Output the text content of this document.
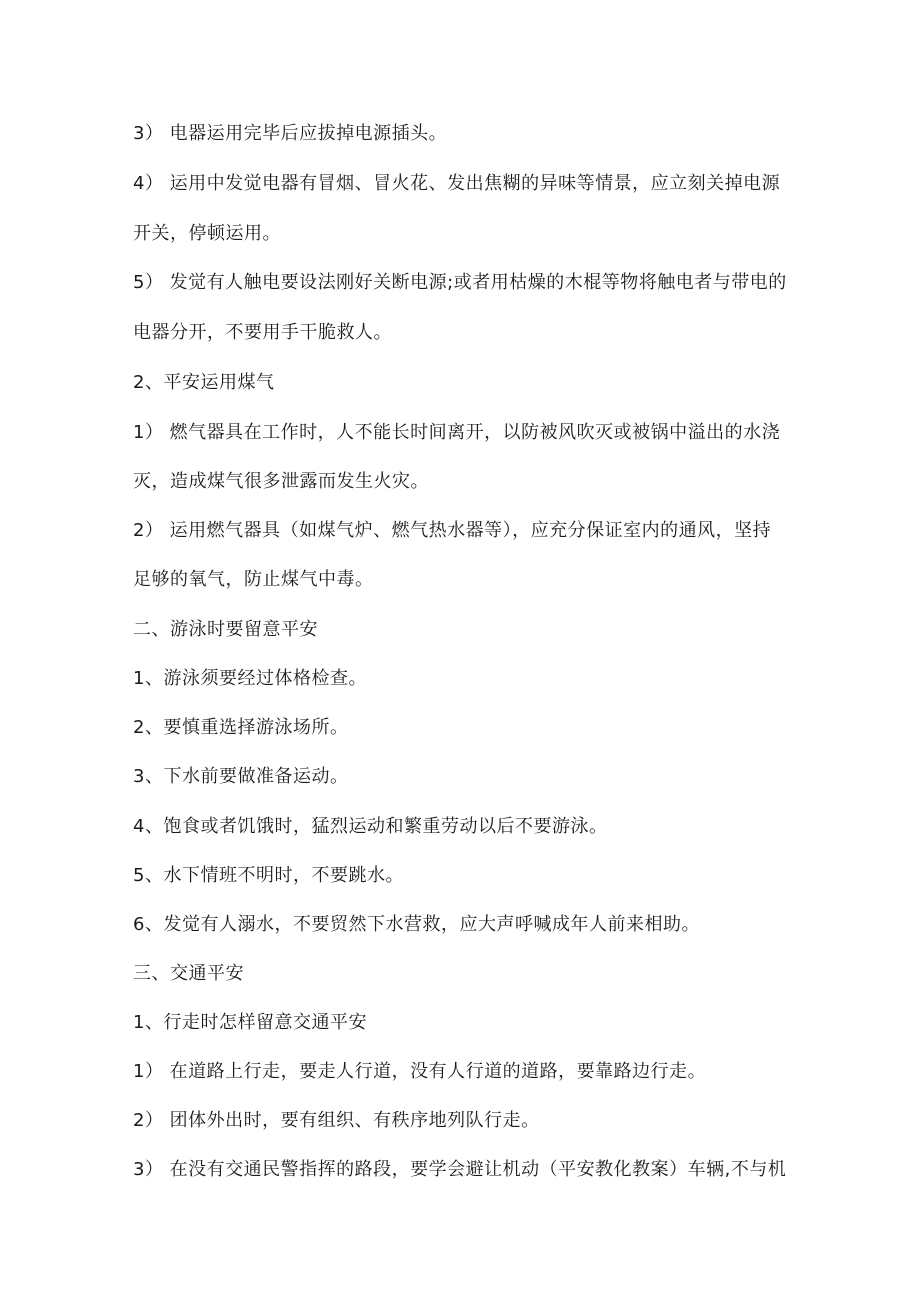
3） 电器运用完毕后应拔掉电源插头。
4） 运用中发觉电器有冒烟、冒火花、发出焦糊的异味等情景，应立刻关掉电源
开关，停顿运用。
5） 发觉有人触电要设法刚好关断电源;或者用枯燥的木棍等物将触电者与带电的
电器分开，不要用手干脆救人。
2、平安运用煤气
1） 燃气器具在工作时，人不能长时间离开，以防被风吹灭或被锅中溢出的水浇
灭，造成煤气很多泄露而发生火灾。
2） 运用燃气器具（如煤气炉、燃气热水器等），应充分保证室内的通风，坚持
足够的氧气，防止煤气中毒。
二、游泳时要留意平安
1、游泳须要经过体格检查。
2、要慎重选择游泳场所。
3、下水前要做准备运动。
4、饱食或者饥饿时，猛烈运动和繁重劳动以后不要游泳。
5、水下情班不明时，不要跳水。
6、发觉有人溺水，不要贸然下水营救，应大声呼喊成年人前来相助。
三、交通平安
1、行走时怎样留意交通平安
1） 在道路上行走，要走人行道，没有人行道的道路，要靠路边行走。
2） 团体外出时，要有组织、有秩序地列队行走。
3） 在没有交通民警指挥的路段，要学会避让机动（平安教化教案）车辆,不与机
